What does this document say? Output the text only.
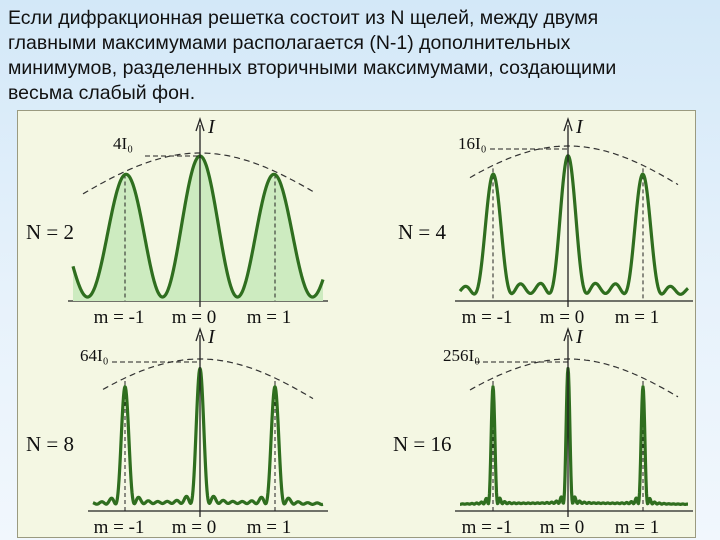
Если дифракционная решетка состоит из N щелей, между двумя

главными максимумами располагается (N-1) дополнительных

минимумов, разделенных вторичными максимумами, создающими

весьма слабый фон.

I
4I₀
N = 2
m = -1 m = 0 m = 1
I
16I₀
N = 4
m = -1 m = 0 m = 1
I
64I₀
N = 8
m = -1 m = 0 m = 1
I
256I₀
N = 16
m = -1 m = 0 m = 1
